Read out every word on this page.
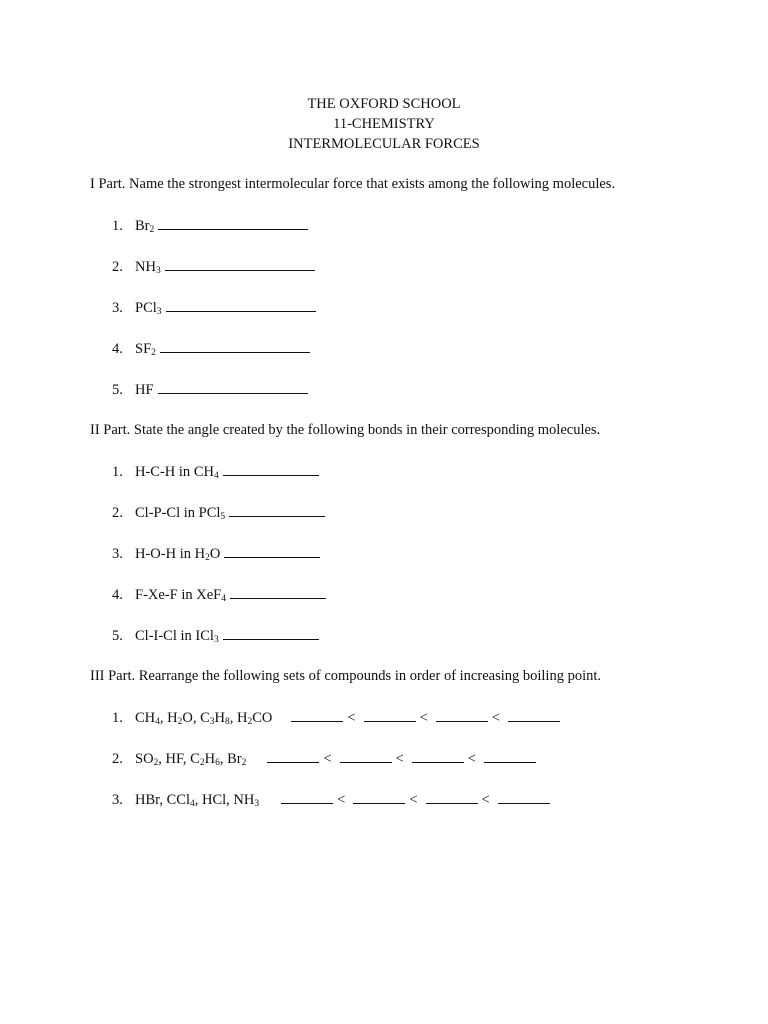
THE OXFORD SCHOOL
11-CHEMISTRY
INTERMOLECULAR FORCES
I Part. Name the strongest intermolecular force that exists among the following molecules.
1. $Br_2$
2. $NH_3$
3. PCl$_3$
4. $SF_2$
5. HF
II Part. State the angle created by the following bonds in their corresponding molecules.
1. H-C-H in $CH_4$
2. Cl-P-Cl in PCl$_5$
3. H-O-H in $H_2O$
4. F-Xe-F in XeF$_4$
5. Cl-I-Cl in ICl$_3$
III Part. Rearrange the following sets of compounds in order of increasing boiling point.
1. $CH_4$, $H_2O$, $C_3H_8$, $H_2CO$	<	<	<
2. $SO_2$, HF, $C_2H_6$, $Br_2$	<	<	<
3. HBr, CCl$_4$, HCl, $NH_3$	<	<	<
